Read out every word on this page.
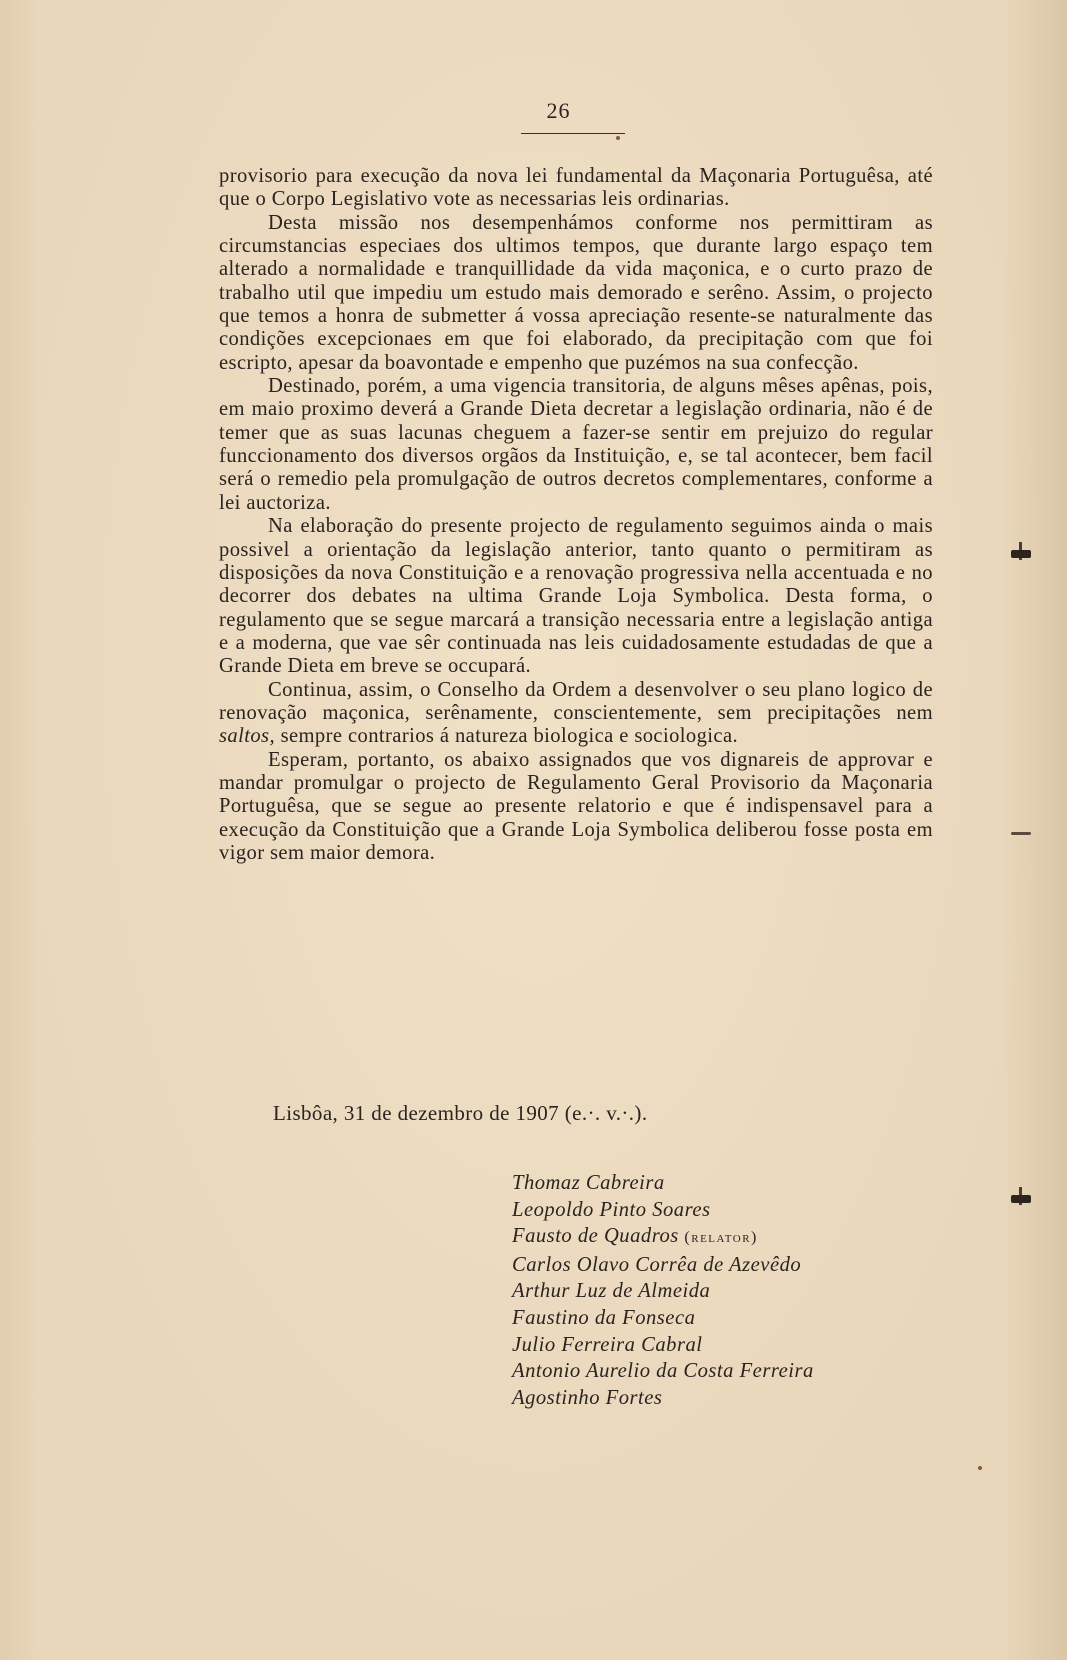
26

provisorio para execução da nova lei fundamental da Maçonaria Portuguêsa, até que o Corpo Legislativo vote as necessarias leis ordinarias.

Desta missão nos desempenhámos conforme nos permittiram as circumstancias especiaes dos ultimos tempos, que durante largo espaço tem alterado a normalidade e tranquillidade da vida maçonica, e o curto prazo de trabalho util que impediu um estudo mais demorado e serêno. Assim, o projecto que temos a honra de submetter á vossa apreciação resente-se naturalmente das condições excepcionaes em que foi elaborado, da precipitação com que foi escripto, apesar da boavontade e empenho que puzémos na sua confecção.

Destinado, porém, a uma vigencia transitoria, de alguns mêses apênas, pois, em maio proximo deverá a Grande Dieta decretar a legislação ordinaria, não é de temer que as suas lacunas cheguem a fazer-se sentir em prejuizo do regular funccionamento dos diversos orgãos da Instituição, e, se tal acontecer, bem facil será o remedio pela promulgação de outros decretos complementares, conforme a lei auctoriza.

Na elaboração do presente projecto de regulamento seguimos ainda o mais possivel a orientação da legislação anterior, tanto quanto o permitiram as disposições da nova Constituição e a renovação progressiva nella accentuada e no decorrer dos debates na ultima Grande Loja Symbolica. Desta forma, o regulamento que se segue marcará a transição necessaria entre a legislação antiga e a moderna, que vae sêr continuada nas leis cuidadosamente estudadas de que a Grande Dieta em breve se occupará.

Continua, assim, o Conselho da Ordem a desenvolver o seu plano logico de renovação maçonica, serênamente, conscientemente, sem precipitações nem saltos, sempre contrarios á natureza biologica e sociologica.

Esperam, portanto, os abaixo assignados que vos dignareis de approvar e mandar promulgar o projecto de Regulamento Geral Provisorio da Maçonaria Portuguêsa, que se segue ao presente relatorio e que é indispensavel para a execução da Constituição que a Grande Loja Symbolica deliberou fosse posta em vigor sem maior demora.

Lisbôa, 31 de dezembro de 1907 (e.·. v.·.).
Thomaz Cabreira
Leopoldo Pinto Soares
Fausto de Quadros (relator)
Carlos Olavo Corrêa de Azevêdo
Arthur Luz de Almeida
Faustino da Fonseca
Julio Ferreira Cabral
Antonio Aurelio da Costa Ferreira
Agostinho Fortes
